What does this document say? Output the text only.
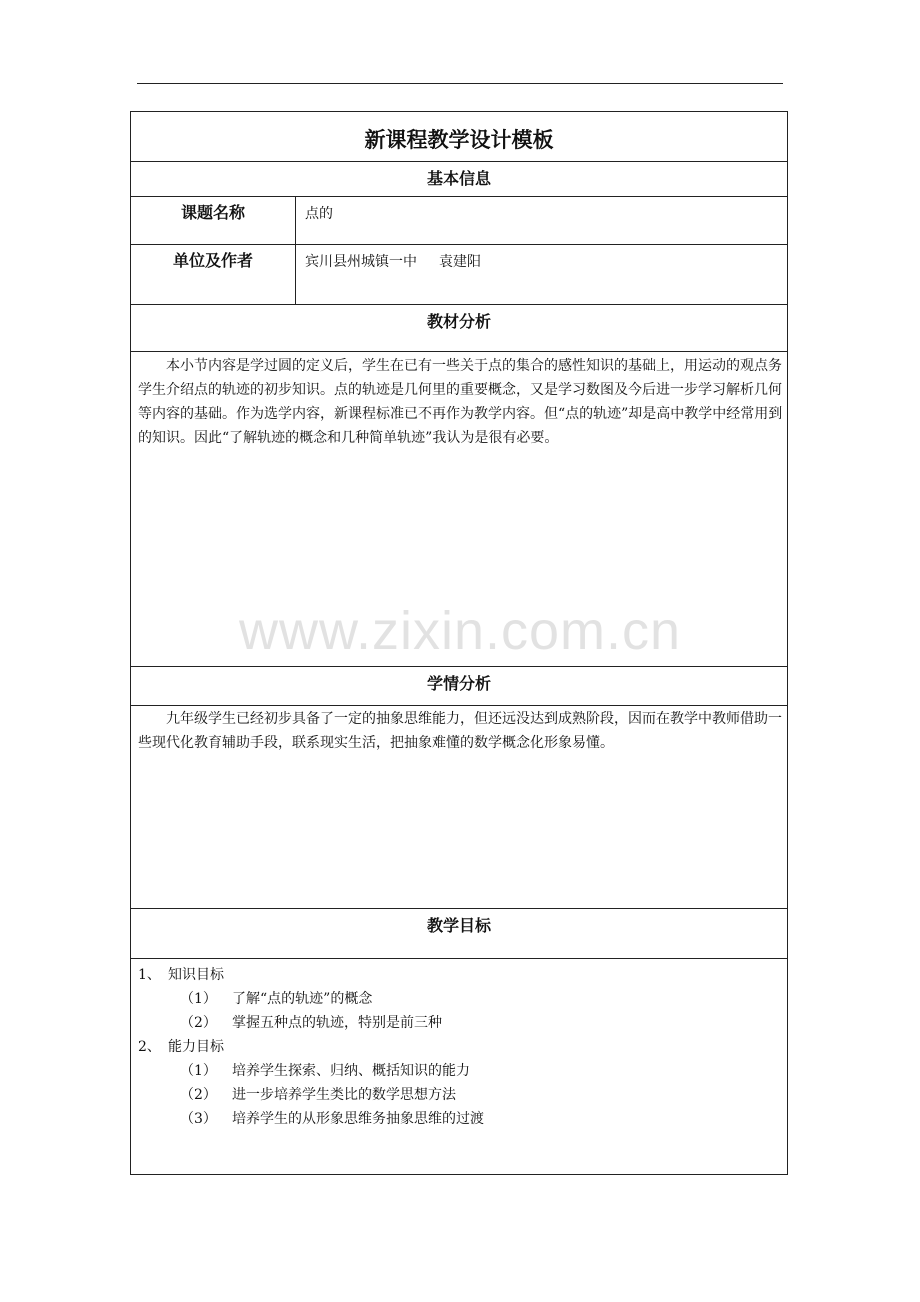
新课程教学设计模板
基本信息
课题名称	点的
单位及作者	宾川县州城镇一中 袁建阳
教材分析
本小节内容是学过圆的定义后，学生在已有一些关于点的集合的感性知识的基础上，用运动的观点务学生介绍点的轨迹的初步知识。点的轨迹是几何里的重要概念，又是学习数图及今后进一步学习解析几何等内容的基础。作为选学内容，新课程标准已不再作为教学内容。但“点的轨迹”却是高中教学中经常用到的知识。因此“了解轨迹的概念和几种简单轨迹”我认为是很有必要。
学情分析
九年级学生已经初步具备了一定的抽象思维能力，但还远没达到成熟阶段，因而在教学中教师借助一些现代化教育辅助手段，联系现实生活，把抽象难懂的数学概念化形象易懂。
教学目标
1、 知识目标
（1） 了解“点的轨迹”的概念
（2） 掌握五种点的轨迹，特别是前三种
2、 能力目标
（1） 培养学生探索、归纳、概括知识的能力
（2） 进一步培养学生类比的数学思想方法
（3） 培养学生的从形象思维务抽象思维的过渡
www.zixin.com.cn
